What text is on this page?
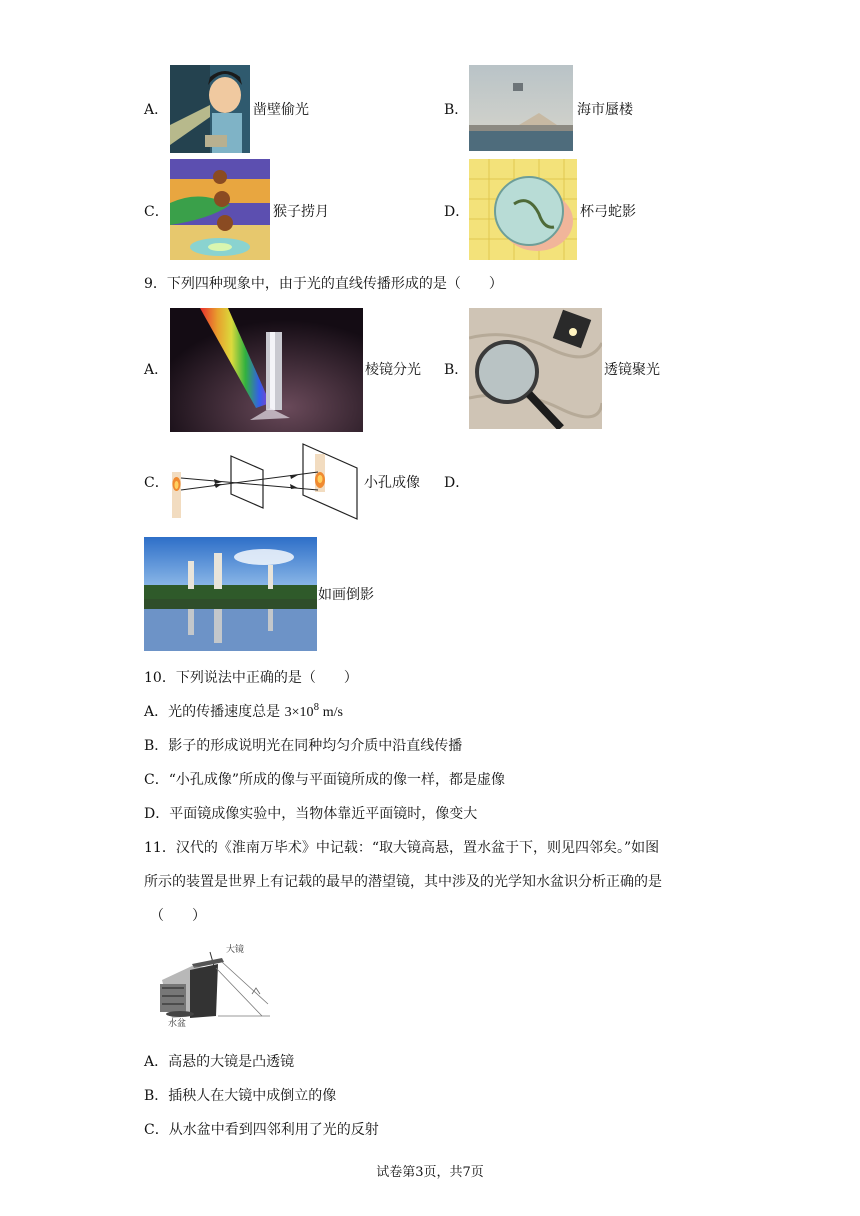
A．	凿壁偷光	B．	海市蜃楼
C．	猴子捞月	D．	杯弓蛇影
9．下列四种现象中，由于光的直线传播形成的是（　　）
A．	棱镜分光 B．	透镜聚光
C．	小孔成像 D．
如画倒影
10．下列说法中正确的是（　　）
A．光的传播速度总是 $3\times 10^8$ m/s
B．影子的形成说明光在同种均匀介质中沿直线传播
C．“小孔成像”所成的像与平面镜所成的像一样，都是虚像
D．平面镜成像实验中，当物体靠近平面镜时，像变大
11．汉代的《淮南万毕术》中记载：“取大镜高悬，置水盆于下，则见四邻矣。”如图
所示的装置是世界上有记载的最早的潜望镜，其中涉及的光学知水盆识分析正确的是
（　　）
大镜
水盆
A．高悬的大镜是凸透镜
B．插秧人在大镜中成倒立的像
C．从水盆中看到四邻利用了光的反射
试卷第3页，共7页
